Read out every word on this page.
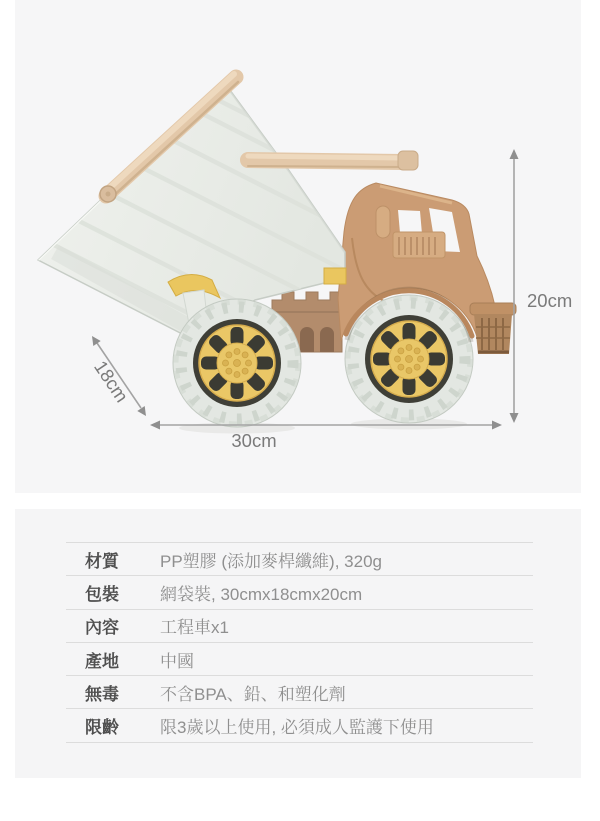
20cm
30cm
18cm
材質	PP塑膠 (添加麥桿纖維), 320g
包裝	網袋裝, 30cmx18cmx20cm
內容	工程車x1
產地	中國
無毒	不含BPA、鉛、和塑化劑
限齡	限3歲以上使用, 必須成人監護下使用
